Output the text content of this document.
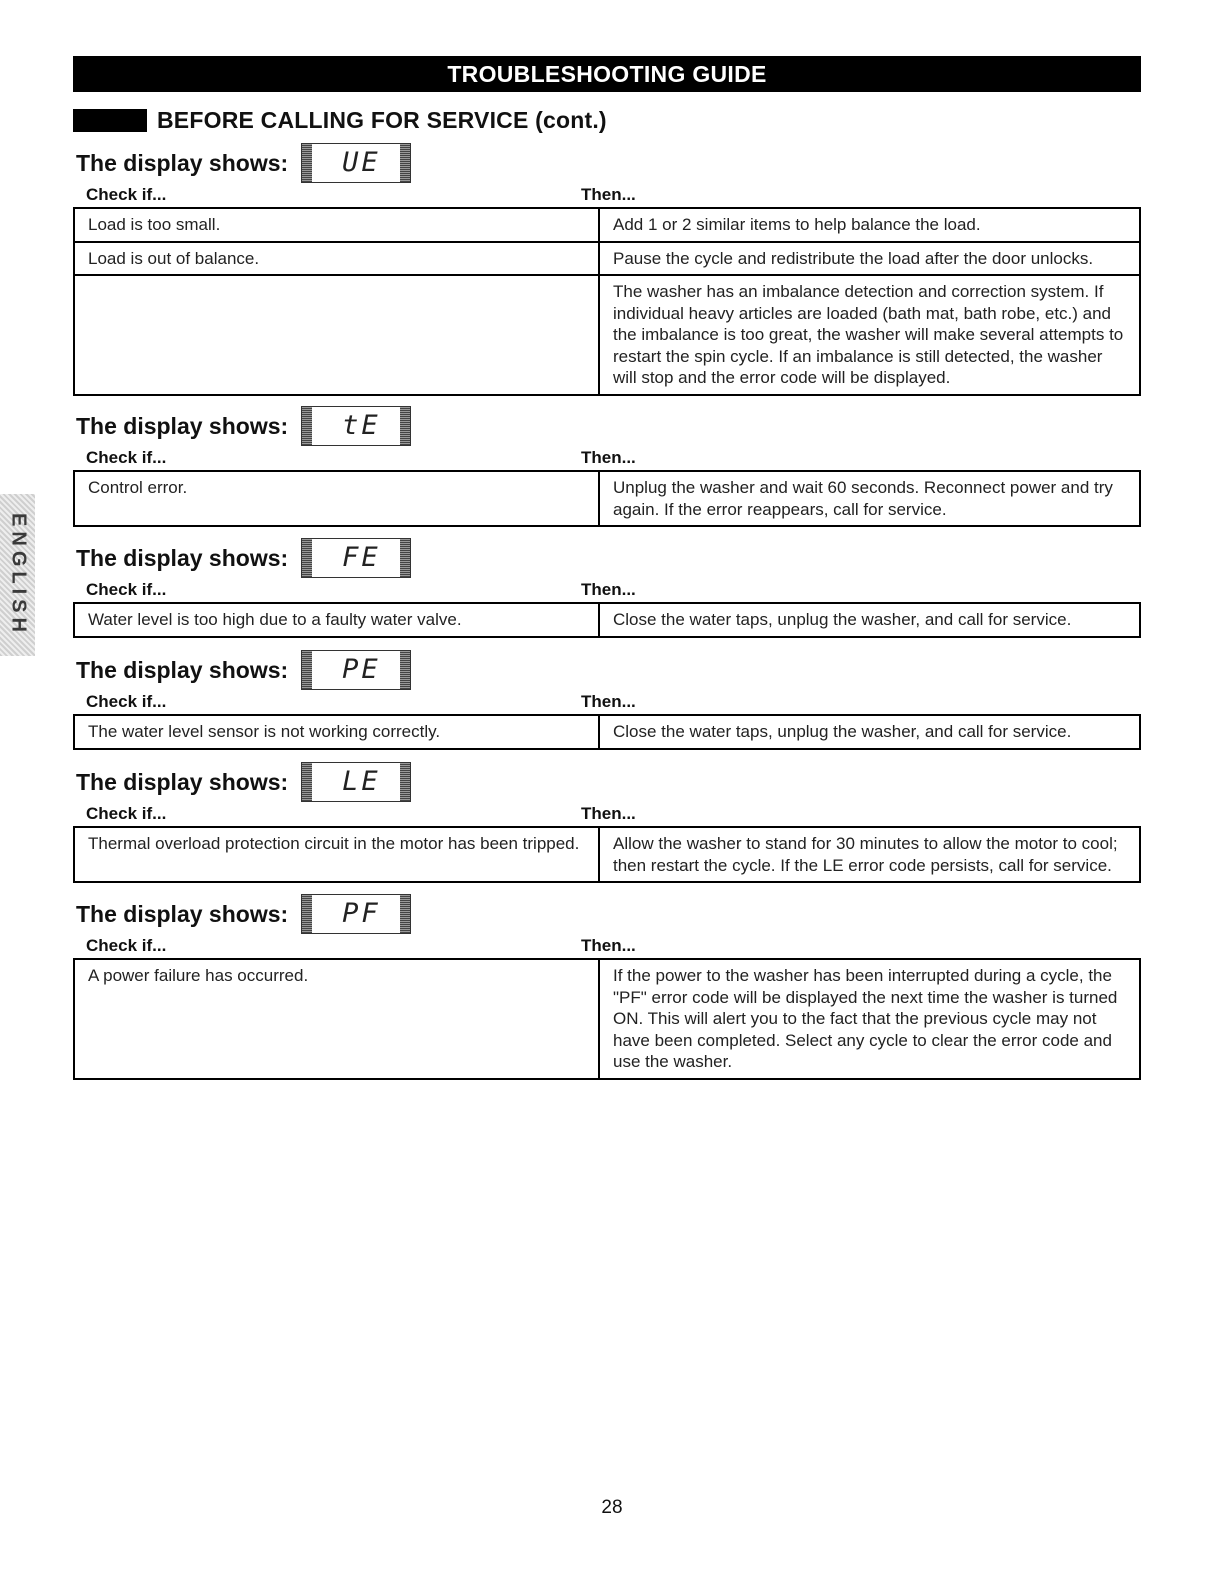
TROUBLESHOOTING GUIDE
BEFORE CALLING FOR SERVICE (cont.)
ENGLISH
The display shows: UE
Check if...	Then...
Load is too small.	Add 1 or 2 similar items to help balance the load.
Load is out of balance.	Pause the cycle and redistribute the load after the door unlocks.
	The washer has an imbalance detection and correction system. If individual heavy articles are loaded (bath mat, bath robe, etc.) and the imbalance is too great, the washer will make several attempts to restart the spin cycle. If an imbalance is still detected, the washer will stop and the error code will be displayed.
The display shows: tE
Check if...	Then...
Control error.	Unplug the washer and wait 60 seconds. Reconnect power and try again. If the error reappears, call for service.
The display shows: FE
Check if...	Then...
Water level is too high due to a faulty water valve.	Close the water taps, unplug the washer, and call for service.
The display shows: PE
Check if...	Then...
The water level sensor is not working correctly.	Close the water taps, unplug the washer, and call for service.
The display shows: LE
Check if...	Then...
Thermal overload protection circuit in the motor has been tripped.	Allow the washer to stand for 30 minutes to allow the motor to cool; then restart the cycle. If the LE error code persists, call for service.
The display shows: PF
Check if...	Then...
A power failure has occurred.	If the power to the washer has been interrupted during a cycle, the "PF" error code will be displayed the next time the washer is turned ON. This will alert you to the fact that the previous cycle may not have been completed. Select any cycle to clear the error code and use the washer.
28
